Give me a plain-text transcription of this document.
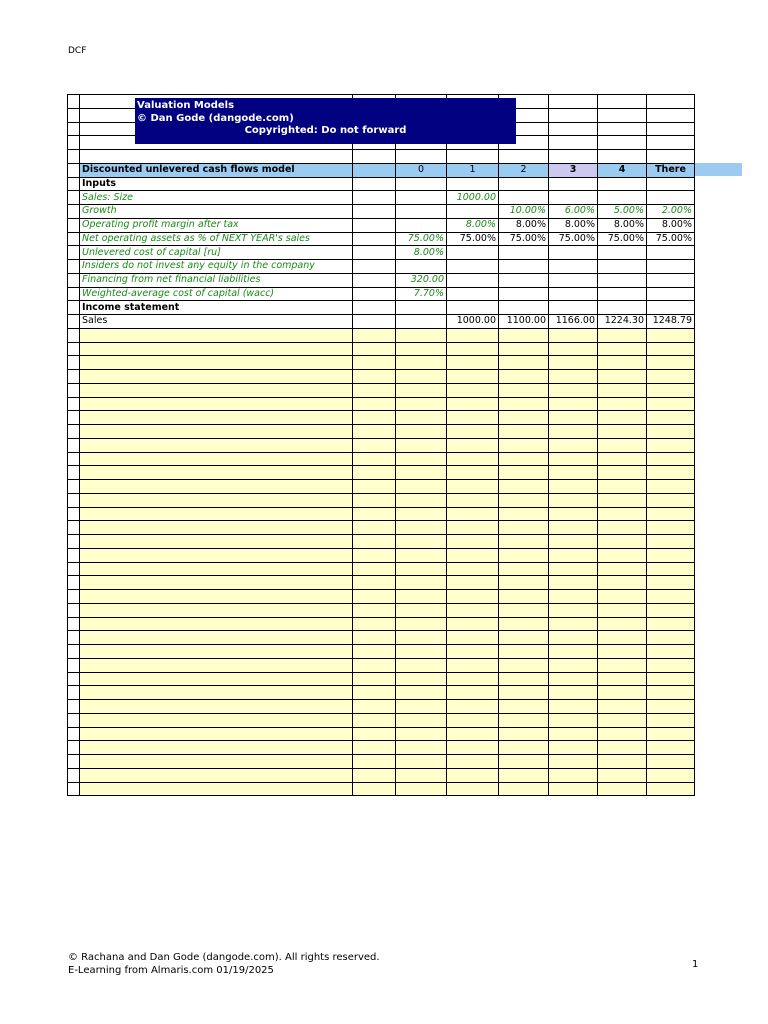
DCF

	Discounted unlevered cash flows model		0	1	2	3	4	There
	Inputs							
	Sales: Size			1000.00				
	Growth				10.00%	6.00%	5.00%	2.00%
	Operating profit margin after tax			8.00%	8.00%	8.00%	8.00%	8.00%
	Net operating assets as % of NEXT YEAR's sales		75.00%	75.00%	75.00%	75.00%	75.00%	75.00%
	Unlevered cost of capital [ru]		8.00%					
	Insiders do not invest any equity in the company							
	Financing from net financial liabilities		320.00					
	Weighted-average cost of capital (wacc)		7.70%					
	Income statement							
	Sales			1000.00	1100.00	1166.00	1224.30	1248.79

Valuation Models
© Dan Gode (dangode.com)
Copyrighted: Do not forward
© Rachana and Dan Gode (dangode.com). All rights reserved.
E-Learning from Almaris.com 01/19/2025	1
